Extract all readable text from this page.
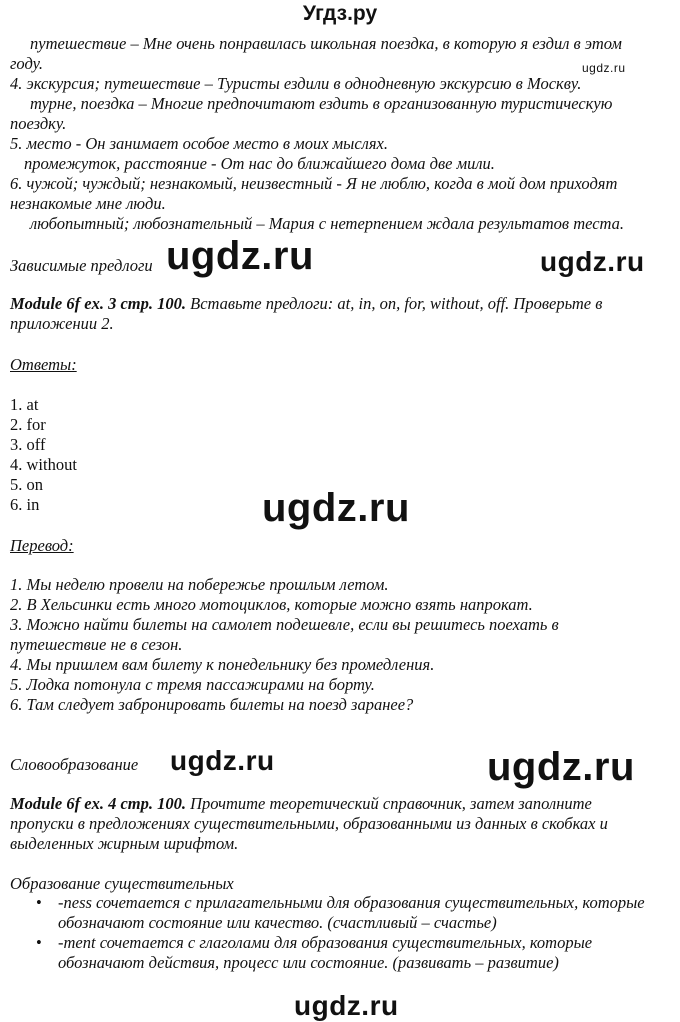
Угдз.ру
ugdz.ru
ugdz.ru	ugdz.ru
ugdz.ru
ugdz.ru	ugdz.ru
ugdz.ru
путешествие – Мне очень понравилась школьная поездка, в которую я ездил в этом
году.
4. экскурсия; путешествие – Туристы ездили в однодневную экскурсию в Москву.
турне, поездка – Многие предпочитают ездить в организованную туристическую
поездку.
5. место - Он занимает особое место в моих мыслях.
промежуток, расстояние - От нас до ближайшего дома две мили.
6. чужой; чуждый; незнакомый, неизвестный - Я не люблю, когда в мой дом приходят
незнакомые мне люди.
любопытный; любознательный – Мария с нетерпением ждала результатов теста.
Зависимые предлоги
Module 6f ex. 3 стр. 100. Вставьте предлоги: at, in, on, for, without, off. Проверьте в
приложении 2.
Ответы:
1. at
2. for
3. off
4. without
5. on
6. in
Перевод:
1. Мы неделю провели на побережье прошлым летом.
2. В Хельсинки есть много мотоциклов, которые можно взять напрокат.
3. Можно найти билеты на самолет подешевле, если вы решитесь поехать в
путешествие не в сезон.
4. Мы пришлем вам билету к понедельнику без промедления.
5. Лодка потонула с тремя пассажирами на борту.
6. Там следует забронировать билеты на поезд заранее?
Словообразование
Module 6f ex. 4 стр. 100. Прочтите теоретический справочник, затем заполните
пропуски в предложениях существительными, образованными из данных в скобках и
выделенных жирным шрифтом.
Образование существительных
• -ness сочетается с прилагательными для образования существительных, которые обозначают состояние или качество. (счастливый – счастье)
• -ment сочетается с глаголами для образования существительных, которые обозначают действия, процесс или состояние. (развивать – развитие)
